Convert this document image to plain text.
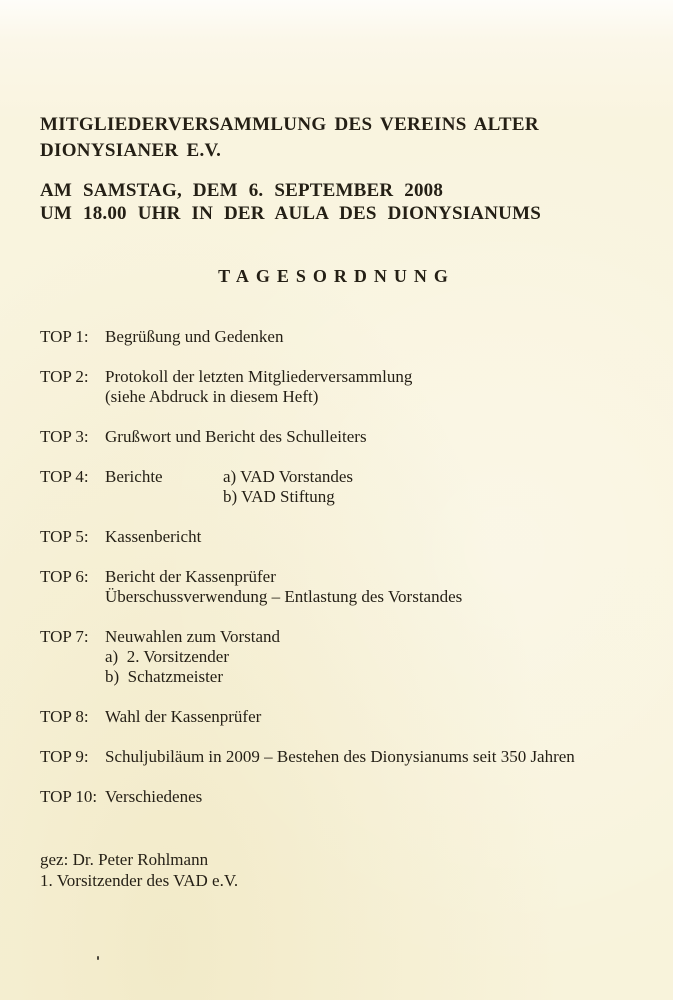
MITGLIEDERVERSAMMLUNG DES VEREINS ALTER
DIONYSIANER E.V.
AM SAMSTAG, DEM 6. SEPTEMBER 2008
UM 18.00 UHR IN DER AULA DES DIONYSIANUMS
TAGESORDNUNG
TOP 1: Begrüßung und Gedenken
TOP 2: Protokoll der letzten Mitgliederversammlung
(siehe Abdruck in diesem Heft)
TOP 3: Grußwort und Bericht des Schulleiters
TOP 4: Berichte	a) VAD Vorstandes
b) VAD Stiftung
TOP 5: Kassenbericht
TOP 6: Bericht der Kassenprüfer
Überschussverwendung – Entlastung des Vorstandes
TOP 7: Neuwahlen zum Vorstand
a)  2. Vorsitzender
b)  Schatzmeister
TOP 8: Wahl der Kassenprüfer
TOP 9: Schuljubiläum in 2009 – Bestehen des Dionysianums seit 350 Jahren
TOP 10: Verschiedenes
gez: Dr. Peter Rohlmann
1. Vorsitzender des VAD e.V.
